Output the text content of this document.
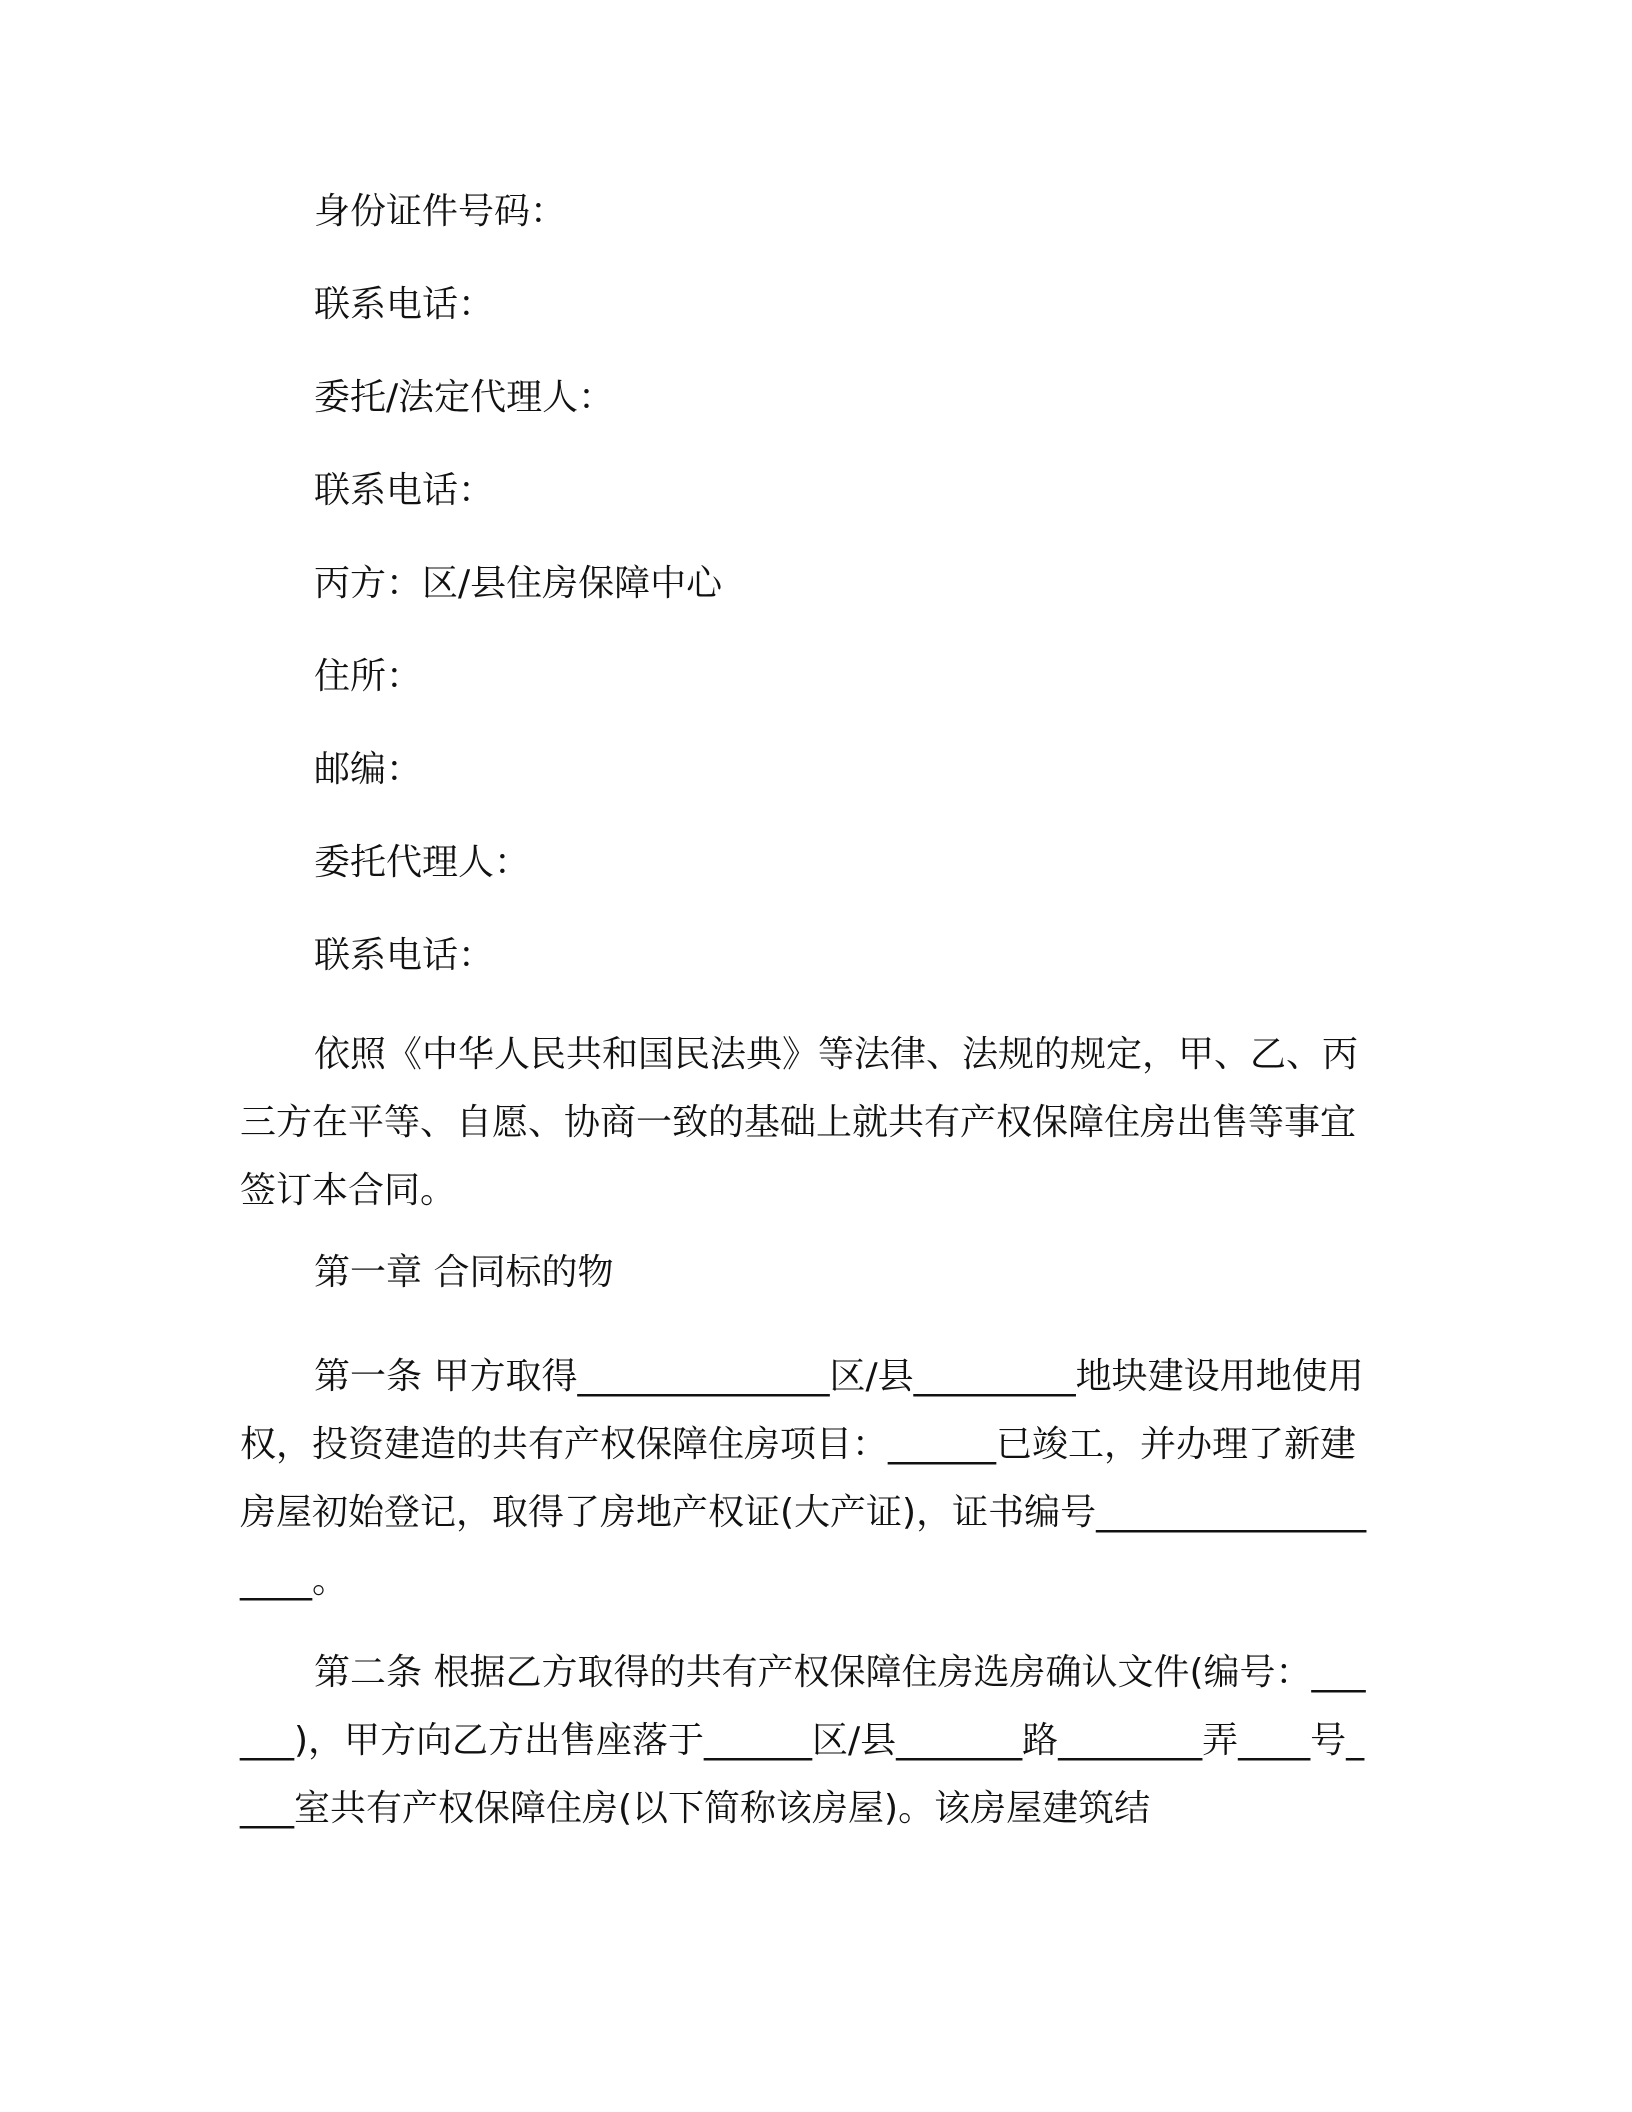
身份证件号码：
联系电话：
委托/法定代理人：
联系电话：
丙方：区/县住房保障中心
住所：
邮编：
委托代理人：
联系电话：

依照《中华人民共和国民法典》等法律、法规的规定，甲、乙、丙三方在平等、自愿、协商一致的基础上就共有产权保障住房出售等事宜签订本合同。

第一章 合同标的物

第一条 甲方取得______________区/县_________地块建设用地使用权，投资建造的共有产权保障住房项目：______已竣工，并办理了新建房屋初始登记，取得了房地产权证(大产证)，证书编号___________________。

第二条 根据乙方取得的共有产权保障住房选房确认文件(编号：______)，甲方向乙方出售座落于______区/县_______路________弄____号____室共有产权保障住房(以下简称该房屋)。该房屋建筑结
